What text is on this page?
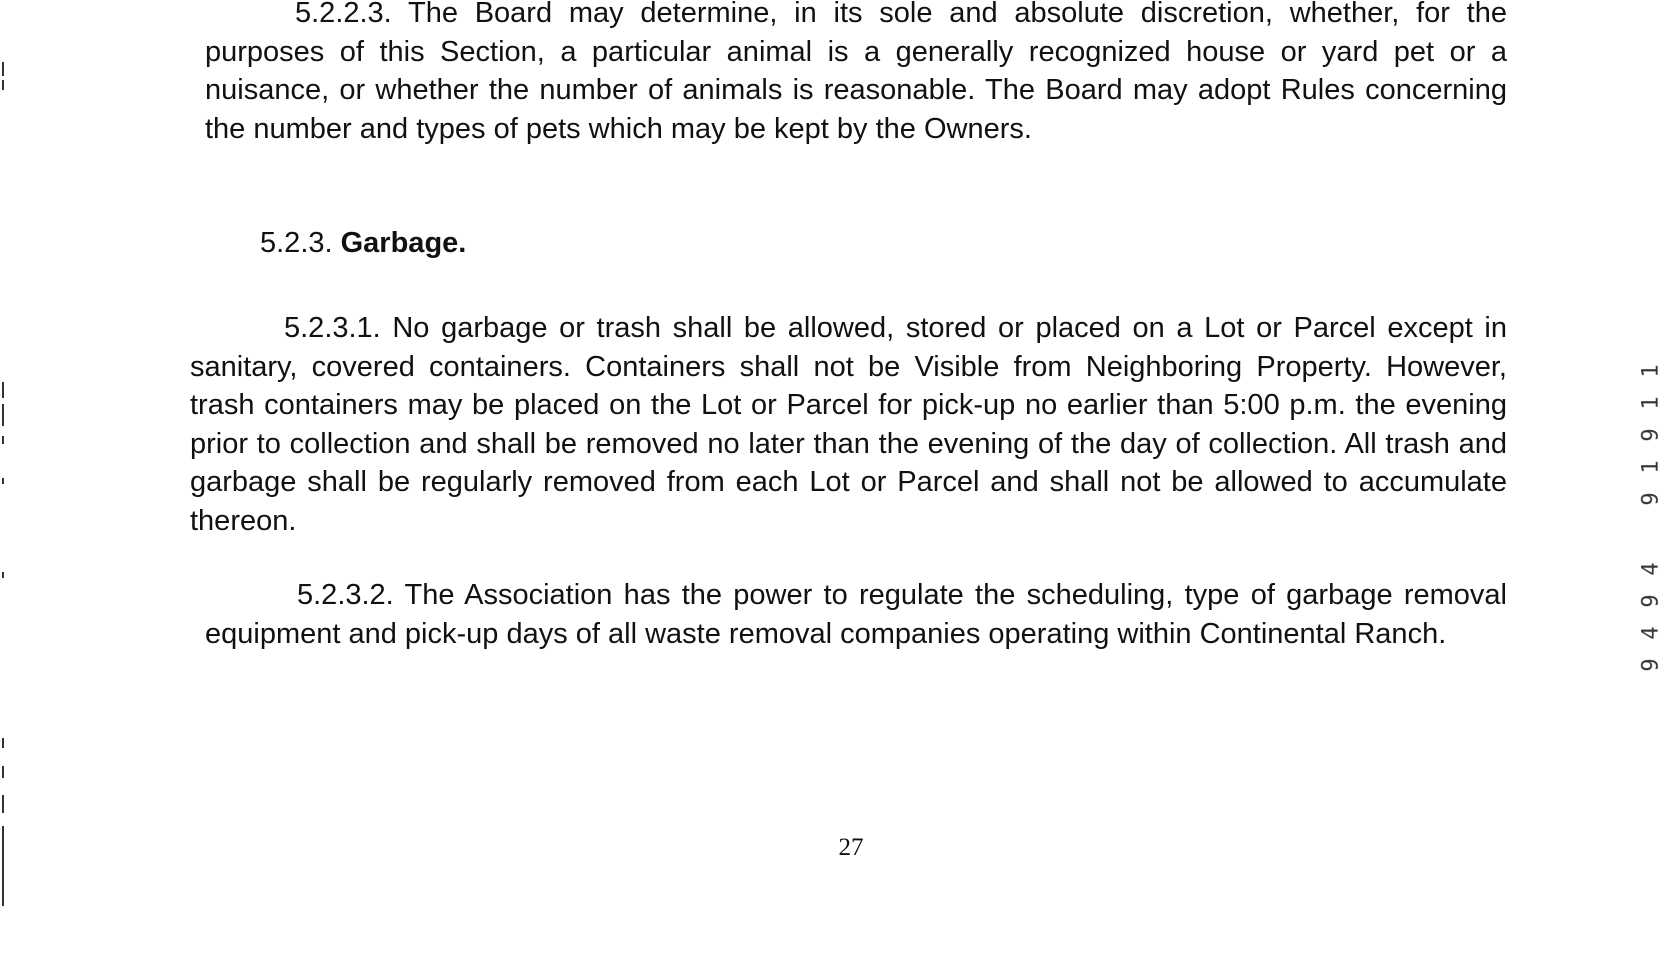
5.2.2.3. The Board may determine, in its sole and absolute discretion, whether, for the purposes of this Section, a particular animal is a generally recognized house or yard pet or a nuisance, or whether the number of animals is reasonable. The Board may adopt Rules concerning the number and types of pets which may be kept by the Owners.

5.2.3. Garbage.

5.2.3.1. No garbage or trash shall be allowed, stored or placed on a Lot or Parcel except in sanitary, covered containers. Containers shall not be Visible from Neighboring Property. However, trash containers may be placed on the Lot or Parcel for pick-up no earlier than 5:00 p.m. the evening prior to collection and shall be removed no later than the evening of the day of collection. All trash and garbage shall be regularly removed from each Lot or Parcel and shall not be allowed to accumulate thereon.

5.2.3.2. The Association has the power to regulate the scheduling, type of garbage removal equipment and pick-up days of all waste removal companies operating within Continental Ranch.

27
1
1
9
1
9
4
9
4
9
